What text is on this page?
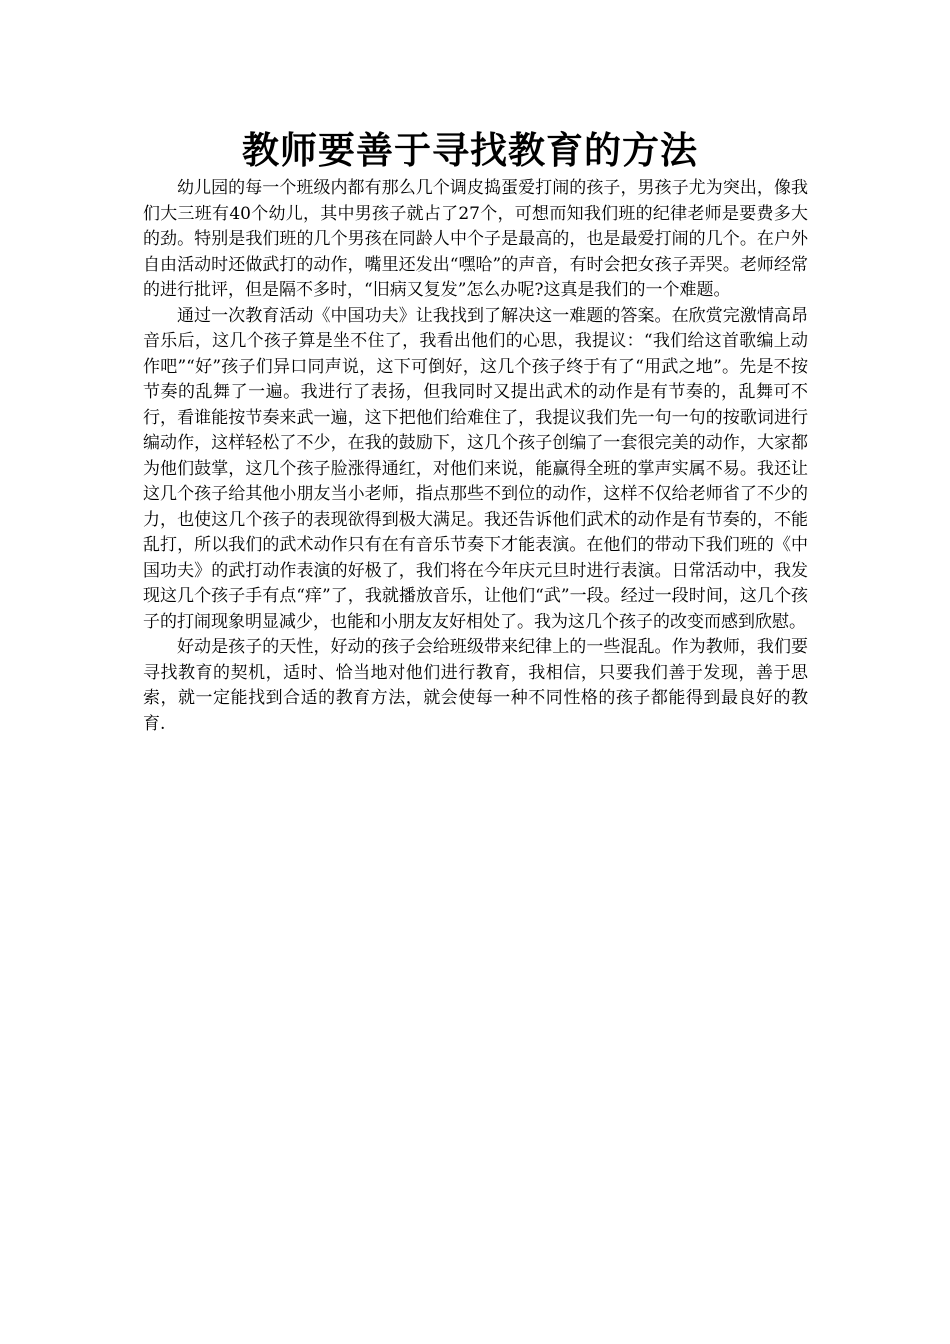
教师要善于寻找教育的方法

幼儿园的每一个班级内都有那么几个调皮捣蛋爱打闹的孩子，男孩子尤为突出，像我们大三班有40个幼儿，其中男孩子就占了27个，可想而知我们班的纪律老师是要费多大的劲。特别是我们班的几个男孩在同龄人中个子是最高的，也是最爱打闹的几个。在户外自由活动时还做武打的动作，嘴里还发出“嘿哈”的声音，有时会把女孩子弄哭。老师经常的进行批评，但是隔不多时，“旧病又复发”怎么办呢?这真是我们的一个难题。

通过一次教育活动《中国功夫》让我找到了解决这一难题的答案。在欣赏完激情高昂音乐后，这几个孩子算是坐不住了，我看出他们的心思，我提议：“我们给这首歌编上动作吧”“好”孩子们异口同声说，这下可倒好，这几个孩子终于有了“用武之地”。先是不按节奏的乱舞了一遍。我进行了表扬，但我同时又提出武术的动作是有节奏的，乱舞可不行，看谁能按节奏来武一遍，这下把他们给难住了，我提议我们先一句一句的按歌词进行编动作，这样轻松了不少，在我的鼓励下，这几个孩子创编了一套很完美的动作，大家都为他们鼓掌，这几个孩子脸涨得通红，对他们来说，能赢得全班的掌声实属不易。我还让这几个孩子给其他小朋友当小老师，指点那些不到位的动作，这样不仅给老师省了不少的力，也使这几个孩子的表现欲得到极大满足。我还告诉他们武术的动作是有节奏的，不能乱打，所以我们的武术动作只有在有音乐节奏下才能表演。在他们的带动下我们班的《中国功夫》的武打动作表演的好极了，我们将在今年庆元旦时进行表演。日常活动中，我发现这几个孩子手有点“痒”了，我就播放音乐，让他们“武”一段。经过一段时间，这几个孩子的打闹现象明显减少，也能和小朋友友好相处了。我为这几个孩子的改变而感到欣慰。

好动是孩子的天性，好动的孩子会给班级带来纪律上的一些混乱。作为教师，我们要寻找教育的契机，适时、恰当地对他们进行教育，我相信，只要我们善于发现，善于思索，就一定能找到合适的教育方法，就会使每一种不同性格的孩子都能得到最良好的教育.
